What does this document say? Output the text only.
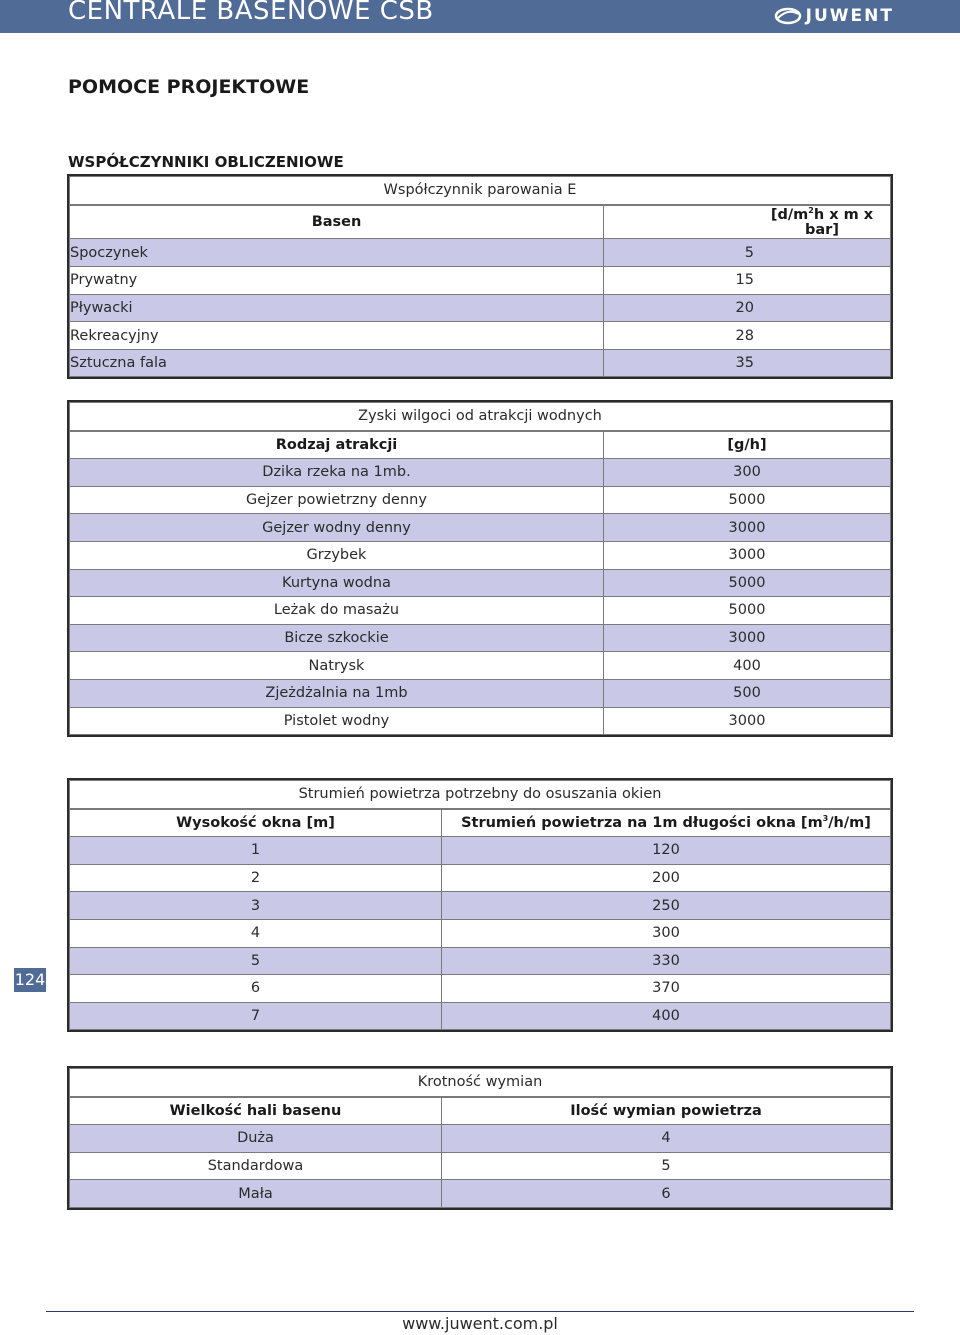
CENTRALE BASENOWE CSB	JUWENT
POMOCE PROJEKTOWE
WSPÓŁCZYNNIKI OBLICZENIOWE
Współczynnik parowania E	
Basen	[$d/m^2h$ x m x bar]
Spoczynek	5
Prywatny	15
Pływacki	20
Rekreacyjny	28
Sztuczna fala	35
Zyski wilgoci od atrakcji wodnych	
Rodzaj atrakcji	[g/h]
Dzika rzeka na 1mb.	300
Gejzer powietrzny denny	5000
Gejzer wodny denny	3000
Grzybek	3000
Kurtyna wodna	5000
Leżak do masażu	5000
Bicze szkockie	3000
Natrysk	400
Zjeżdżalnia na 1mb	500
Pistolet wodny	3000
Strumień powietrza potrzebny do osuszania okien	
Wysokość okna [m]	Strumień powietrza na 1m długości okna $[m^3/h/m]$
1	120
2	200
3	250
4	300
5	330
6	370
7	400
Krotność wymian	
Wielkość hali basenu	Ilość wymian powietrza
Duża	4
Standardowa	5
Mała	6
124
www.juwent.com.pl
